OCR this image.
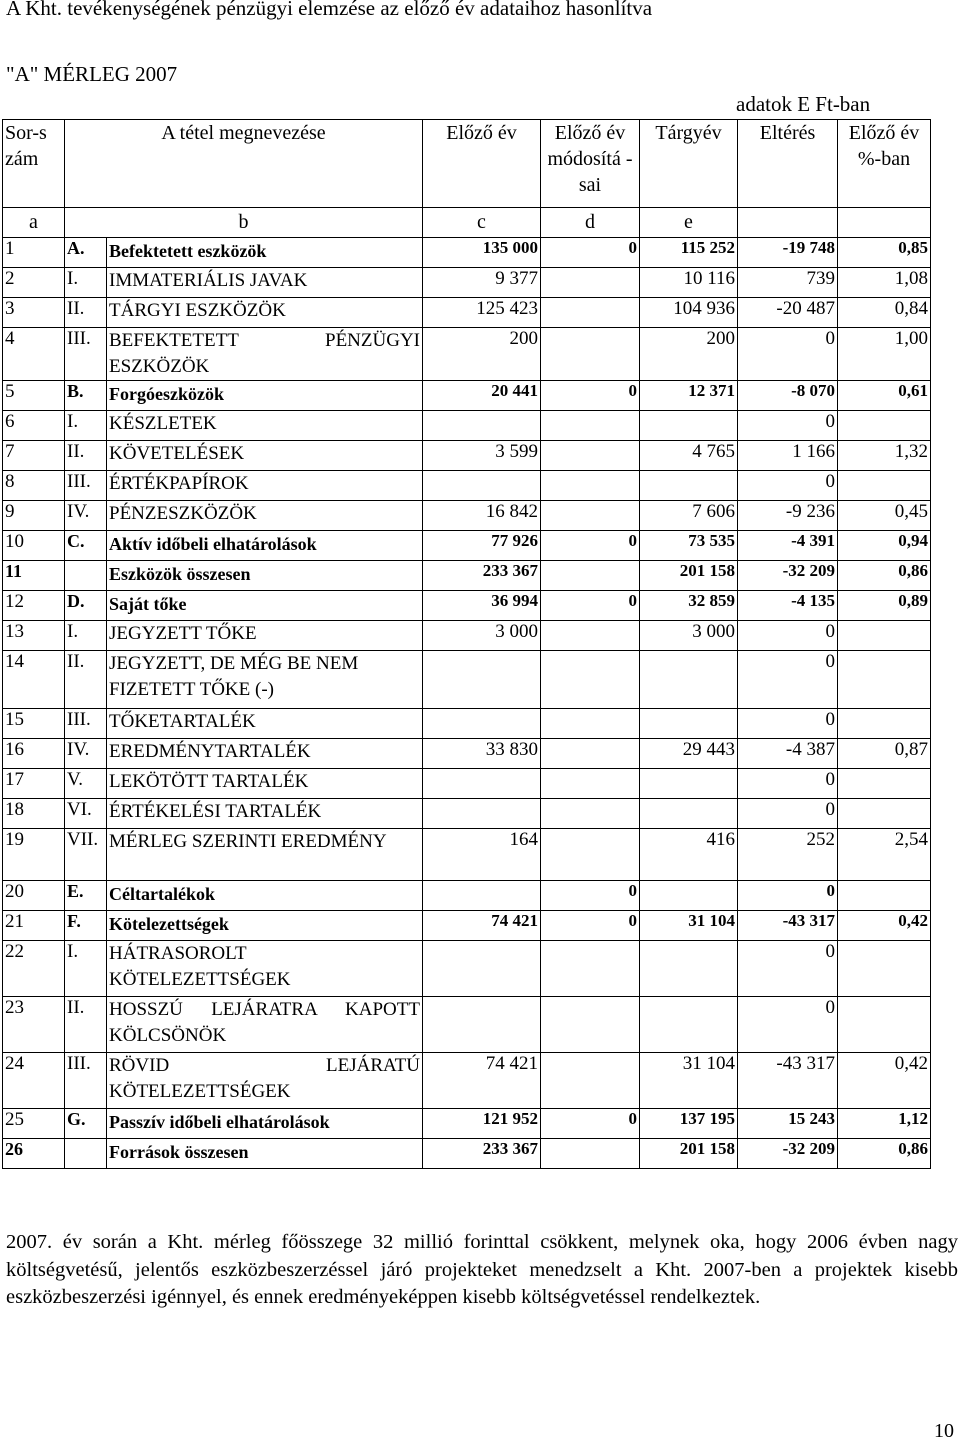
A Kht. tevékenységének pénzügyi elemzése az előző év adataihoz hasonlítva
"A" MÉRLEG 2007
adatok E Ft-ban
Sor-szám	A tétel megnevezése		Előző év	Előző év módosítá -sai	Tárgyév	Eltérés	Előző év %-ban
a	b		c	d	e		
1	A.	Befektetett eszközök	135 000	0	115 252	-19 748	0,85
2	I.	IMMATERIÁLIS JAVAK	9 377		10 116	739	1,08
3	II.	TÁRGYI ESZKÖZÖK	125 423		104 936	-20 487	0,84
4	III.	BEFEKTETETT PÉNZÜGYI ESZKÖZÖK	200		200	0	1,00
5	B.	Forgóeszközök	20 441	0	12 371	-8 070	0,61
6	I.	KÉSZLETEK				0	
7	II.	KÖVETELÉSEK	3 599		4 765	1 166	1,32
8	III.	ÉRTÉKPAPÍROK				0	
9	IV.	PÉNZESZKÖZÖK	16 842		7 606	-9 236	0,45
10	C.	Aktív időbeli elhatárolások	77 926	0	73 535	-4 391	0,94
11		Eszközök összesen	233 367		201 158	-32 209	0,86
12	D.	Saját tőke	36 994	0	32 859	-4 135	0,89
13	I.	JEGYZETT TŐKE	3 000		3 000	0	
14	II.	JEGYZETT, DE MÉG BE NEM FIZETETT TŐKE (-)				0	
15	III.	TŐKETARTALÉK				0	
16	IV.	EREDMÉNYTARTALÉK	33 830		29 443	-4 387	0,87
17	V.	LEKÖTÖTT TARTALÉK				0	
18	VI.	ÉRTÉKELÉSI TARTALÉK				0	
19	VII.	MÉRLEG SZERINTI EREDMÉNY	164		416	252	2,54
20	E.	Céltartalékok		0		0	
21	F.	Kötelezettségek	74 421	0	31 104	-43 317	0,42
22	I.	HÁTRASOROLT KÖTELEZETTSÉGEK				0	
23	II.	HOSSZÚ LEJÁRATRA KAPOTT KÖLCSÖNÖK				0	
24	III.	RÖVID LEJÁRATÚ KÖTELEZETTSÉGEK	74 421		31 104	-43 317	0,42
25	G.	Passzív időbeli elhatárolások	121 952	0	137 195	15 243	1,12
26		Források összesen	233 367		201 158	-32 209	0,86
2007. év során a Kht. mérleg főösszege 32 millió forinttal csökkent, melynek oka, hogy 2006 évben nagy költségvetésű, jelentős eszközbeszerzéssel járó projekteket menedzselt a Kht. 2007-ben a projektek kisebb eszközbeszerzési igénnyel, és ennek eredményeképpen kisebb költségvetéssel rendelkeztek.
10
